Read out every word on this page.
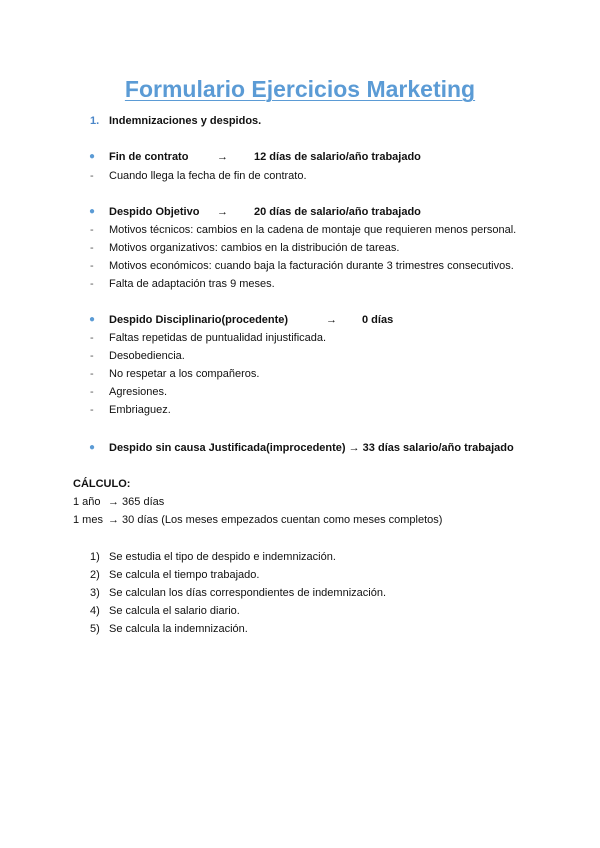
Formulario Ejercicios Marketing
1. Indemnizaciones y despidos.
● Fin de contrato	→ 12 días de salario/año trabajado
- Cuando llega la fecha de fin de contrato.
● Despido Objetivo → 20 días de salario/año trabajado
- Motivos técnicos: cambios en la cadena de montaje que requieren menos personal.
- Motivos organizativos: cambios en la distribución de tareas.
- Motivos económicos: cuando baja la facturación durante 3 trimestres consecutivos.
- Falta de adaptación tras 9 meses.
● Despido Disciplinario(procedente)	→ 0 días
- Faltas repetidas de puntualidad injustificada.
- Desobediencia.
- No respetar a los compañeros.
- Agresiones.
- Embriaguez.
● Despido sin causa Justificada(improcedente) → 33 días salario/año trabajado
CÁLCULO:
1 año → 365 días
1 mes → 30 días (Los meses empezados cuentan como meses completos)
1) Se estudia el tipo de despido e indemnización.
2) Se calcula el tiempo trabajado.
3) Se calculan los días correspondientes de indemnización.
4) Se calcula el salario diario.
5) Se calcula la indemnización.
